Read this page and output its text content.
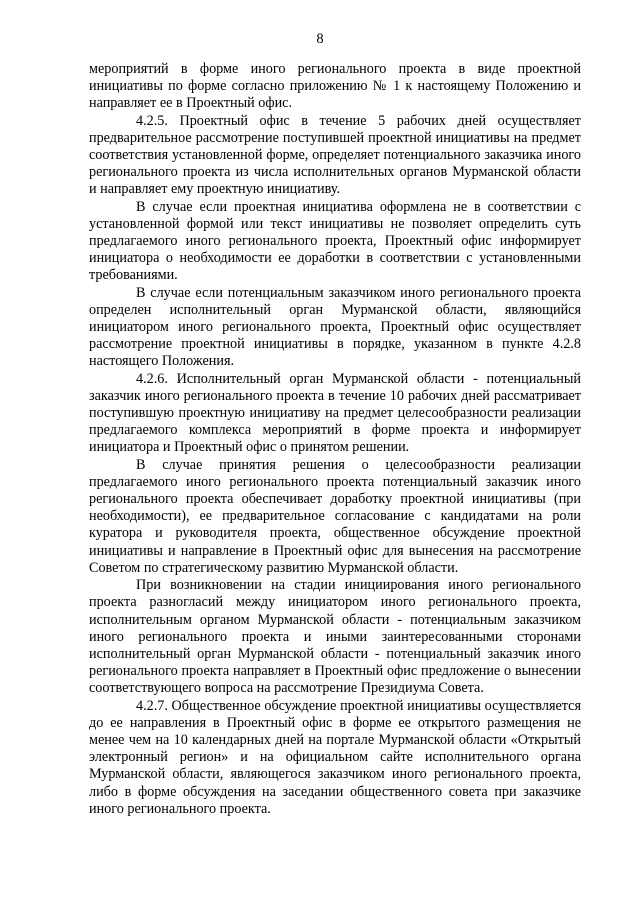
8

мероприятий в форме иного регионального проекта в виде проектной инициативы по форме согласно приложению № 1 к настоящему Положению и направляет ее в Проектный офис.

4.2.5. Проектный офис в течение 5 рабочих дней осуществляет предварительное рассмотрение поступившей проектной инициативы на предмет соответствия установленной форме, определяет потенциального заказчика иного регионального проекта из числа исполнительных органов Мурманской области и направляет ему проектную инициативу.

В случае если проектная инициатива оформлена не в соответствии с установленной формой или текст инициативы не позволяет определить суть предлагаемого иного регионального проекта, Проектный офис информирует инициатора о необходимости ее доработки в соответствии с установленными требованиями.

В случае если потенциальным заказчиком иного регионального проекта определен исполнительный орган Мурманской области, являющийся инициатором иного регионального проекта, Проектный офис осуществляет рассмотрение проектной инициативы в порядке, указанном в пункте 4.2.8 настоящего Положения.

4.2.6. Исполнительный орган Мурманской области - потенциальный заказчик иного регионального проекта в течение 10 рабочих дней рассматривает поступившую проектную инициативу на предмет целесообразности реализации предлагаемого комплекса мероприятий в форме проекта и информирует инициатора и Проектный офис о принятом решении.

В случае принятия решения о целесообразности реализации предлагаемого иного регионального проекта потенциальный заказчик иного регионального проекта обеспечивает доработку проектной инициативы (при необходимости), ее предварительное согласование с кандидатами на роли куратора и руководителя проекта, общественное обсуждение проектной инициативы и направление в Проектный офис для вынесения на рассмотрение Советом по стратегическому развитию Мурманской области.

При возникновении на стадии инициирования иного регионального проекта разногласий между инициатором иного регионального проекта, исполнительным органом Мурманской области - потенциальным заказчиком иного регионального проекта и иными заинтересованными сторонами исполнительный орган Мурманской области - потенциальный заказчик иного регионального проекта направляет в Проектный офис предложение о вынесении соответствующего вопроса на рассмотрение Президиума Совета.

4.2.7. Общественное обсуждение проектной инициативы осуществляется до ее направления в Проектный офис в форме ее открытого размещения не менее чем на 10 календарных дней на портале Мурманской области «Открытый электронный регион» и на официальном сайте исполнительного органа Мурманской области, являющегося заказчиком иного регионального проекта, либо в форме обсуждения на заседании общественного совета при заказчике иного регионального проекта.
